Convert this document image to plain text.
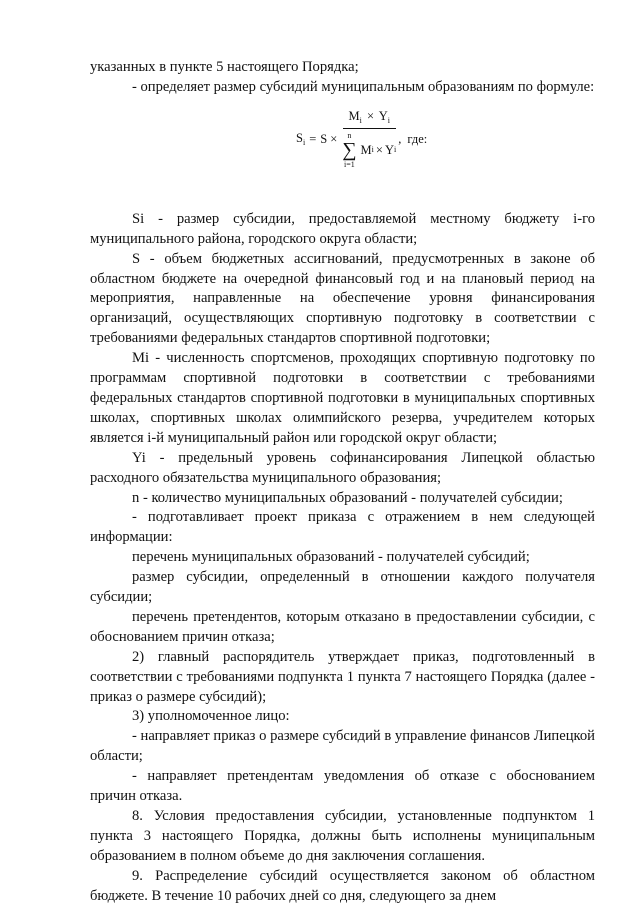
указанных в пункте 5 настоящего Порядка;

- определяет размер субсидий муниципальным образованиям по формуле:

$S_i = S$ ×
$M_i \times Y_i$
n
∑
i=1
M i × Y i
, где:

Si - размер субсидии, предоставляемой местному бюджету i-го муниципального района, городского округа области;

S - объем бюджетных ассигнований, предусмотренных в законе об областном бюджете на очередной финансовый год и на плановый период на мероприятия, направленные на обеспечение уровня финансирования организаций, осуществляющих спортивную подготовку в соответствии с требованиями федеральных стандартов спортивной подготовки;

Mi - численность спортсменов, проходящих спортивную подготовку по программам спортивной подготовки в соответствии с требованиями федеральных стандартов спортивной подготовки в муниципальных спортивных школах, спортивных школах олимпийского резерва, учредителем которых является i-й муниципальный район или городской округ области;

Yi - предельный уровень софинансирования Липецкой областью расходного обязательства муниципального образования;

n - количество муниципальных образований - получателей субсидии;

- подготавливает проект приказа с отражением в нем следующей информации:

перечень муниципальных образований - получателей субсидий;

размер субсидии, определенный в отношении каждого получателя субсидии;

перечень претендентов, которым отказано в предоставлении субсидии, с обоснованием причин отказа;

2) главный распорядитель утверждает приказ, подготовленный в соответствии с требованиями подпункта 1 пункта 7 настоящего Порядка (далее - приказ о размере субсидий);

3) уполномоченное лицо:

- направляет приказ о размере субсидий в управление финансов Липецкой области;

- направляет претендентам уведомления об отказе с обоснованием причин отказа.

8. Условия предоставления субсидии, установленные подпунктом 1 пункта 3 настоящего Порядка, должны быть исполнены муниципальным образованием в полном объеме до дня заключения соглашения.

9. Распределение субсидий осуществляется законом об областном бюджете. В течение 10 рабочих дней со дня, следующего за днем
